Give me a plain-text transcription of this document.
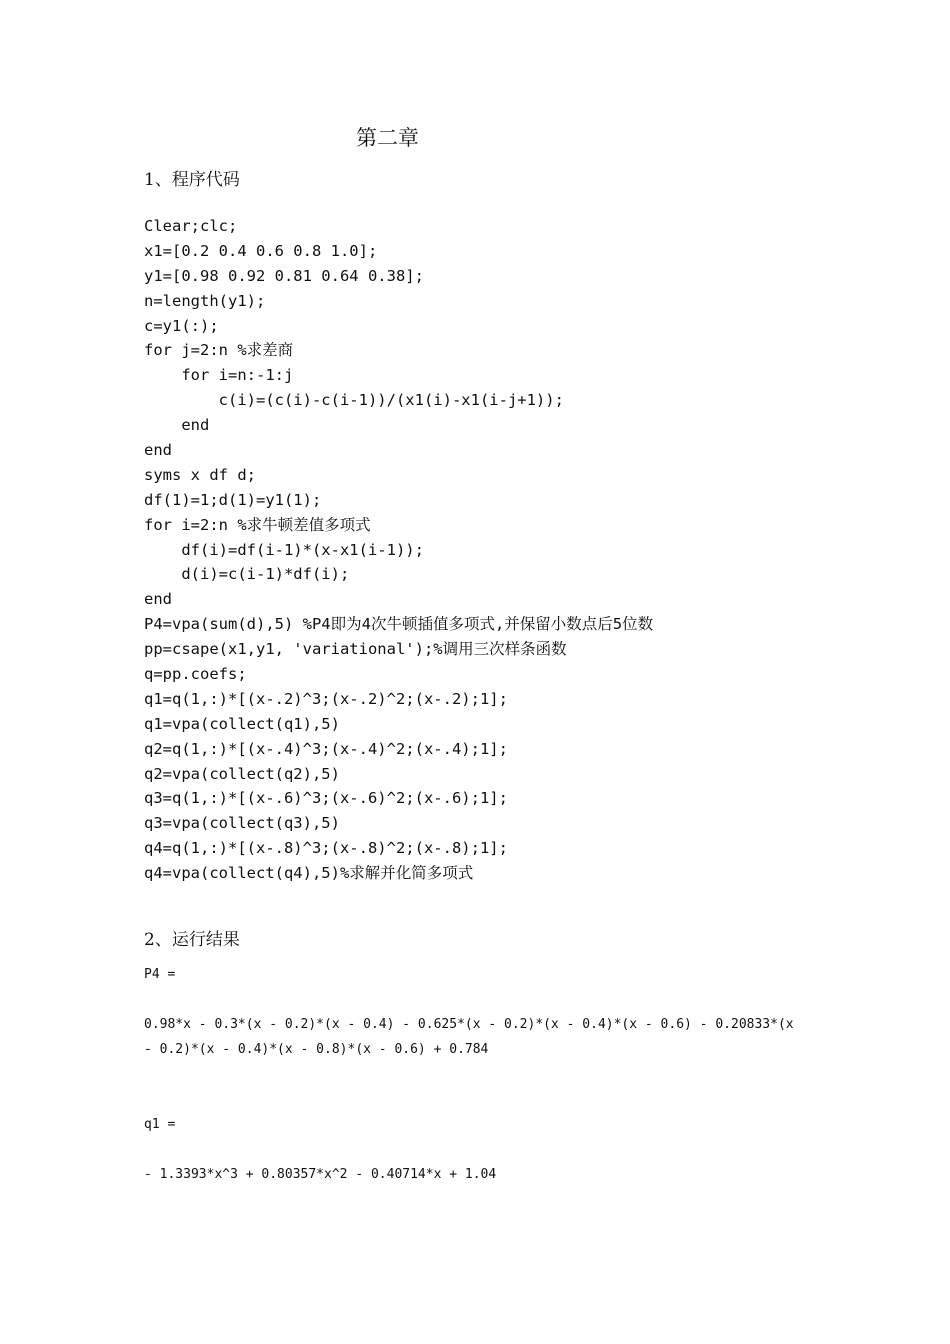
第二章
1、程序代码
Clear;clc;
x1=[0.2 0.4 0.6 0.8 1.0];
y1=[0.98 0.92 0.81 0.64 0.38];
n=length(y1);
c=y1(:);
for j=2:n %求差商
for i=n:-1:j
c(i)=(c(i)-c(i-1))/(x1(i)-x1(i-j+1));
end
end
syms x df d;
df(1)=1;d(1)=y1(1);
for i=2:n %求牛顿差值多项式
df(i)=df(i-1)*(x-x1(i-1));
d(i)=c(i-1)*df(i);
end
P4=vpa(sum(d),5) %P4即为4次牛顿插值多项式,并保留小数点后5位数
pp=csape(x1,y1, 'variational');%调用三次样条函数
q=pp.coefs;
q1=q(1,:)*[(x-.2)^3;(x-.2)^2;(x-.2);1];
q1=vpa(collect(q1),5)
q2=q(1,:)*[(x-.4)^3;(x-.4)^2;(x-.4);1];
q2=vpa(collect(q2),5)
q3=q(1,:)*[(x-.6)^3;(x-.6)^2;(x-.6);1];
q3=vpa(collect(q3),5)
q4=q(1,:)*[(x-.8)^3;(x-.8)^2;(x-.8);1];
q4=vpa(collect(q4),5)%求解并化简多项式
2、运行结果
P4 =
0.98*x - 0.3*(x - 0.2)*(x - 0.4) - 0.625*(x - 0.2)*(x - 0.4)*(x - 0.6) - 0.20833*(x
- 0.2)*(x - 0.4)*(x - 0.8)*(x - 0.6) + 0.784
q1 =
- 1.3393*x^3 + 0.80357*x^2 - 0.40714*x + 1.04
